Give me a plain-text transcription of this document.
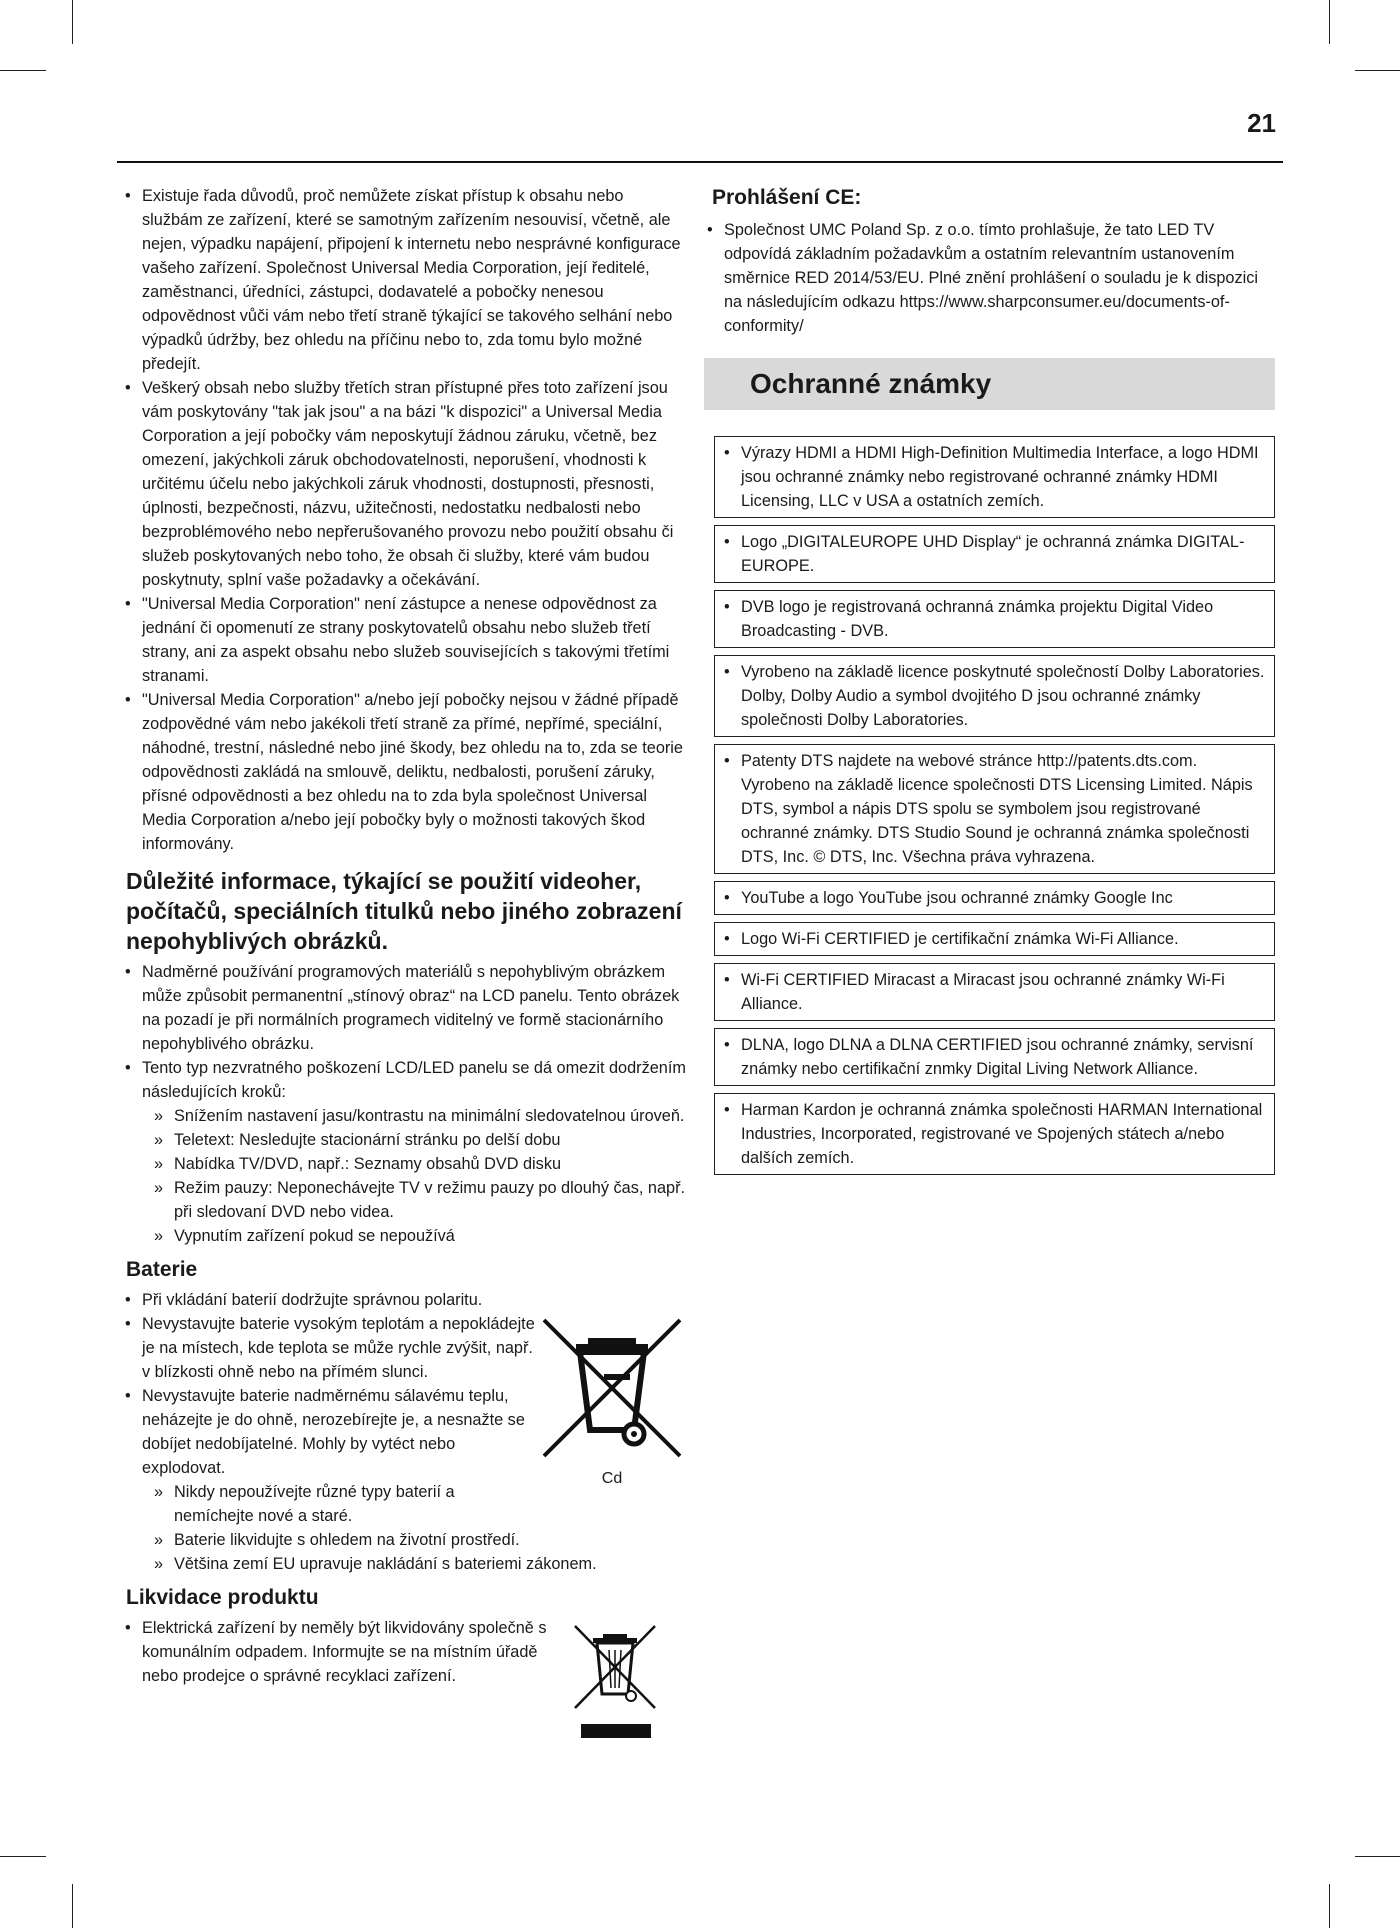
21
• Existuje řada důvodů, proč nemůžete získat přístup k obsahu nebo službám ze zařízení, které se samotným zařízením nesouvisí, včetně, ale nejen, výpadku napájení, připojení k internetu nebo nesprávné konfigurace vašeho zařízení. Společnost Universal Media Corporation, její ředitelé, zaměstnanci, úředníci, zástupci, dodavatelé a pobočky nenesou odpovědnost vůči vám nebo třetí straně týkající se takového selhání nebo výpadků údržby, bez ohledu na příčinu nebo to, zda tomu bylo možné předejít.
• Veškerý obsah nebo služby třetích stran přístupné přes toto zařízení jsou vám poskytovány "tak jak jsou" a na bázi "k dispozici" a Universal Media Corporation a její pobočky vám neposkytují žádnou záruku, včetně, bez omezení, jakýchkoli záruk obchodovatelnosti, neporušení, vhodnosti k určitému účelu nebo jakýchkoli záruk vhodnosti, dostupnosti, přesnosti, úplnosti, bezpečnosti, názvu, užitečnosti, nedostatku nedbalosti nebo bezproblémového nebo nepřerušovaného provozu nebo použití obsahu či služeb poskytovaných nebo toho, že obsah či služby, které vám budou poskytnuty, splní vaše požadavky a očekávání.
• "Universal Media Corporation" není zástupce a nenese odpovědnost za jednání či opomenutí ze strany poskytovatelů obsahu nebo služeb třetí strany, ani za aspekt obsahu nebo služeb souvisejících s takovými třetími stranami.
• "Universal Media Corporation" a/nebo její pobočky nejsou v žádné případě zodpovědné vám nebo jakékoli třetí straně za přímé, nepřímé, speciální, náhodné, trestní, následné nebo jiné škody, bez ohledu na to, zda se teorie odpovědnosti zakládá na smlouvě, deliktu, nedbalosti, porušení záruky, přísné odpovědnosti a bez ohledu na to zda byla společnost Universal Media Corporation a/nebo její pobočky byly o možnosti takových škod informovány.
Důležité informace, týkající se použití videoher, počítačů, speciálních titulků nebo jiného zobrazení nepohyblivých obrázků.
• Nadměrné používání programových materiálů s nepohyblivým obrázkem může způsobit permanentní „stínový obraz“ na LCD panelu. Tento obrázek na pozadí je při normálních programech viditelný ve formě stacionárního nepohyblivého obrázku.
• Tento typ nezvratného poškození LCD/LED panelu se dá omezit dodržením následujících kroků:
» Snížením nastavení jasu/kontrastu na minimální sledovatelnou úroveň.
» Teletext: Nesledujte stacionární stránku po delší dobu
» Nabídka TV/DVD, např.: Seznamy obsahů DVD disku
» Režim pauzy: Neponechávejte TV v režimu pauzy po dlouhý čas, např. při sledovaní DVD nebo videa.
» Vypnutím zařízení pokud se nepoužívá
Baterie
• Při vkládání baterií dodržujte správnou polaritu.
• Nevystavujte baterie vysokým teplotám a nepokládejte je na místech, kde teplota se může rychle zvýšit, např. v blízkosti ohně nebo na přímém slunci.
• Nevystavujte baterie nadměrnému sálavému teplu, neházejte je do ohně, nerozebírejte je, a nesnažte se dobíjet nedobíjatelné. Mohly by vytéct nebo explodovat.
» Nikdy nepoužívejte různé typy baterií a nemíchejte nové a staré.
» Baterie likvidujte s ohledem na životní prostředí.
» Většina zemí EU upravuje nakládání s bateriemi zákonem.
Cd
Likvidace produktu
• Elektrická zařízení by neměly být likvidovány společně s komunálním odpadem. Informujte se na místním úřadě nebo prodejce o správné recyklaci zařízení.
Prohlášení CE:
• Společnost UMC Poland Sp. z o.o. tímto prohlašuje, že tato LED TV odpovídá základním požadavkům a ostatním relevantním ustanovením směrnice RED 2014/53/EU. Plné znění prohlášení o souladu je k dispozici na následujícím odkazu https://www.sharpconsumer.eu/documents-of-conformity/
Ochranné známky
• Výrazy HDMI a HDMI High-Definition Multimedia Interface, a logo HDMI jsou ochranné známky nebo registrované ochranné známky HDMI Licensing, LLC v USA a ostatních zemích.
• Logo „DIGITALEUROPE UHD Display“ je ochranná známka DIGITAL-EUROPE.
• DVB logo je registrovaná ochranná známka projektu Digital Video Broadcasting - DVB.
• Vyrobeno na základě licence poskytnuté společností Dolby Laboratories. Dolby, Dolby Audio a symbol dvojitého D jsou ochranné známky společnosti Dolby Laboratories.
• Patenty DTS najdete na webové stránce http://patents.dts.com. Vyrobeno na základě licence společnosti DTS Licensing Limited. Nápis DTS, symbol a nápis DTS spolu se symbolem jsou registrované ochranné známky. DTS Studio Sound je ochranná známka společnosti DTS, Inc. © DTS, Inc. Všechna práva vyhrazena.
• YouTube a logo YouTube jsou ochranné známky Google Inc
• Logo Wi-Fi CERTIFIED je certifikační známka Wi-Fi Alliance.
• Wi-Fi CERTIFIED Miracast a Miracast jsou ochranné známky Wi-Fi Alliance.
• DLNA, logo DLNA a DLNA CERTIFIED jsou ochranné známky, servisní známky nebo certifikační znmky Digital Living Network Alliance.
• Harman Kardon je ochranná známka společnosti HARMAN International Industries, Incorporated, registrované ve Spojených státech a/nebo dalších zemích.
